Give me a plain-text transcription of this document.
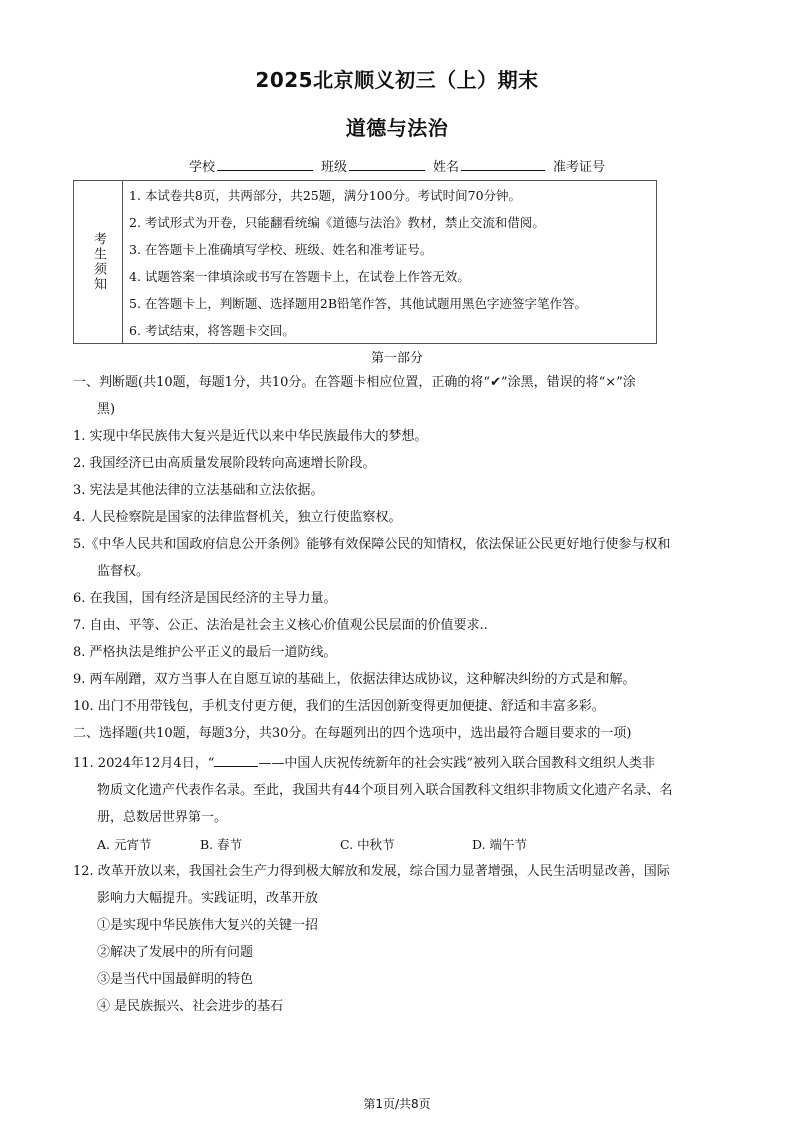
2025北京顺义初三（上）期末
道德与法治
学校	班级	姓名	准考证号
考生须知
1. 本试卷共8页，共两部分，共25题，满分100分。考试时间70分钟。
2. 考试形式为开卷，只能翻看统编《道德与法治》教材，禁止交流和借阅。
3. 在答题卡上准确填写学校、班级、姓名和准考证号。
4. 试题答案一律填涂或书写在答题卡上，在试卷上作答无效。
5. 在答题卡上，判断题、选择题用2B铅笔作答，其他试题用黑色字迹签字笔作答。
6. 考试结束，将答题卡交回。
第一部分
一、判断题(共10题，每题1分，共10分。在答题卡相应位置，正确的将“✔”涂黑，错误的将“×”涂
黑)
1. 实现中华民族伟大复兴是近代以来中华民族最伟大的梦想。
2. 我国经济已由高质量发展阶段转向高速增长阶段。
3. 宪法是其他法律的立法基础和立法依据。
4. 人民检察院是国家的法律监督机关，独立行使监察权。
5.《中华人民共和国政府信息公开条例》能够有效保障公民的知情权，依法保证公民更好地行使参与权和
监督权。
6. 在我国，国有经济是国民经济的主导力量。
7. 自由、平等、公正、法治是社会主义核心价值观公民层面的价值要求..
8. 严格执法是维护公平正义的最后一道防线。
9. 两车剐蹭，双方当事人在自愿互谅的基础上，依据法律达成协议，这种解决纠纷的方式是和解。
10. 出门不用带钱包，手机支付更方便，我们的生活因创新变得更加便捷、舒适和丰富多彩。
二、选择题(共10题，每题3分，共30分。在每题列出的四个选项中，选出最符合题目要求的一项)
11. 2024年12月4日，“	——中国人庆祝传统新年的社会实践”被列入联合国教科文组织人类非
物质文化遗产代表作名录。至此，我国共有44个项目列入联合国教科文组织非物质文化遗产名录、名
册，总数居世界第一。
A. 元宵节	B. 春节	C. 中秋节	D. 端午节
12. 改革开放以来，我国社会生产力得到极大解放和发展，综合国力显著增强，人民生活明显改善，国际
影响力大幅提升。实践证明，改革开放
①是实现中华民族伟大复兴的关键一招
②解决了发展中的所有问题
③是当代中国最鲜明的特色
④ 是民族振兴、社会进步的基石
第1页/共8页
